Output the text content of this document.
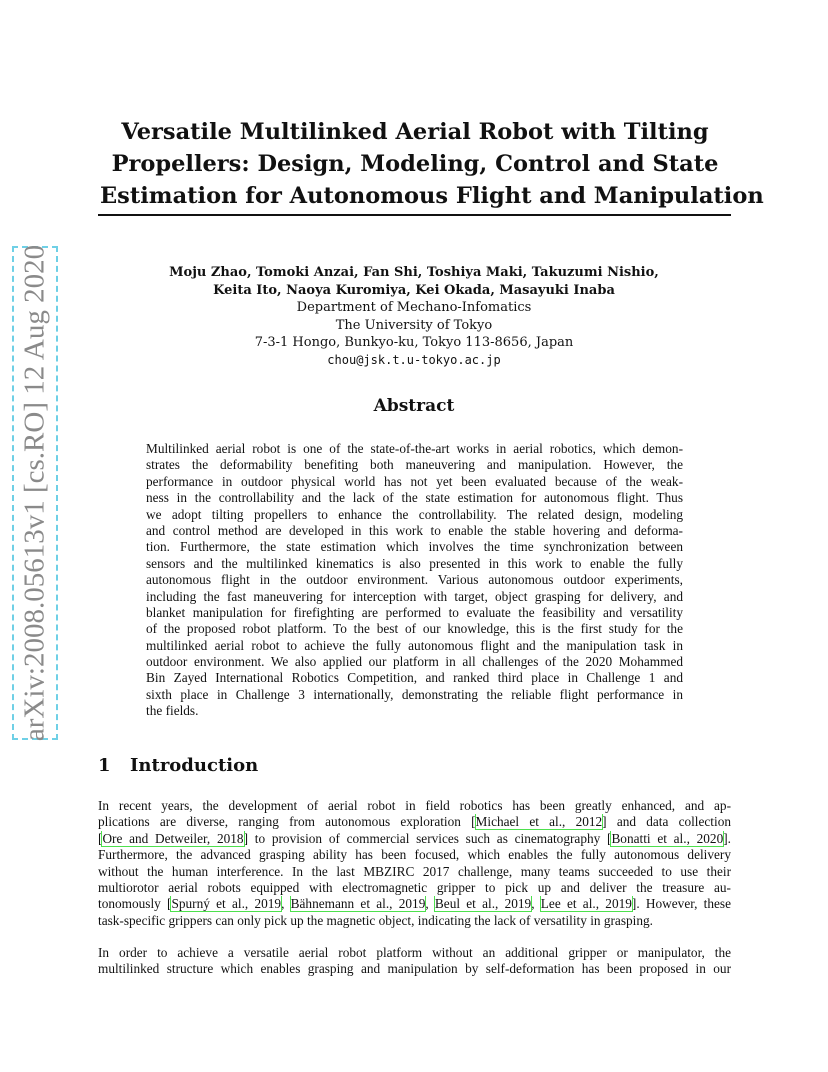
arXiv:2008.05613v1 [cs.RO] 12 Aug 2020
Versatile Multilinked Aerial Robot with Tilting
Propellers: Design, Modeling, Control and State
Estimation for Autonomous Flight and Manipulation
Moju Zhao, Tomoki Anzai, Fan Shi, Toshiya Maki, Takuzumi Nishio,
Keita Ito, Naoya Kuromiya, Kei Okada, Masayuki Inaba
Department of Mechano-Infomatics
The University of Tokyo
7-3-1 Hongo, Bunkyo-ku, Tokyo 113-8656, Japan
chou@jsk.t.u-tokyo.ac.jp
Abstract
Multilinked aerial robot is one of the state-of-the-art works in aerial robotics, which demon-
strates the deformability benefiting both maneuvering and manipulation. However, the
performance in outdoor physical world has not yet been evaluated because of the weak-
ness in the controllability and the lack of the state estimation for autonomous flight. Thus
we adopt tilting propellers to enhance the controllability. The related design, modeling
and control method are developed in this work to enable the stable hovering and deforma-
tion. Furthermore, the state estimation which involves the time synchronization between
sensors and the multilinked kinematics is also presented in this work to enable the fully
autonomous flight in the outdoor environment. Various autonomous outdoor experiments,
including the fast maneuvering for interception with target, object grasping for delivery, and
blanket manipulation for firefighting are performed to evaluate the feasibility and versatility
of the proposed robot platform. To the best of our knowledge, this is the first study for the
multilinked aerial robot to achieve the fully autonomous flight and the manipulation task in
outdoor environment. We also applied our platform in all challenges of the 2020 Mohammed
Bin Zayed International Robotics Competition, and ranked third place in Challenge 1 and
sixth place in Challenge 3 internationally, demonstrating the reliable flight performance in
the fields.
1 Introduction
In recent years, the development of aerial robot in field robotics has been greatly enhanced, and ap-
plications are diverse, ranging from autonomous exploration [Michael et al., 2012] and data collection
[Ore and Detweiler, 2018] to provision of commercial services such as cinematography [Bonatti et al., 2020].
Furthermore, the advanced grasping ability has been focused, which enables the fully autonomous delivery
without the human interference. In the last MBZIRC 2017 challenge, many teams succeeded to use their
multiorotor aerial robots equipped with electromagnetic gripper to pick up and deliver the treasure au-
tonomously [Spurný et al., 2019, Bähnemann et al., 2019, Beul et al., 2019, Lee et al., 2019]. However, these
task-specific grippers can only pick up the magnetic object, indicating the lack of versatility in grasping.
In order to achieve a versatile aerial robot platform without an additional gripper or manipulator, the
multilinked structure which enables grasping and manipulation by self-deformation has been proposed in our
